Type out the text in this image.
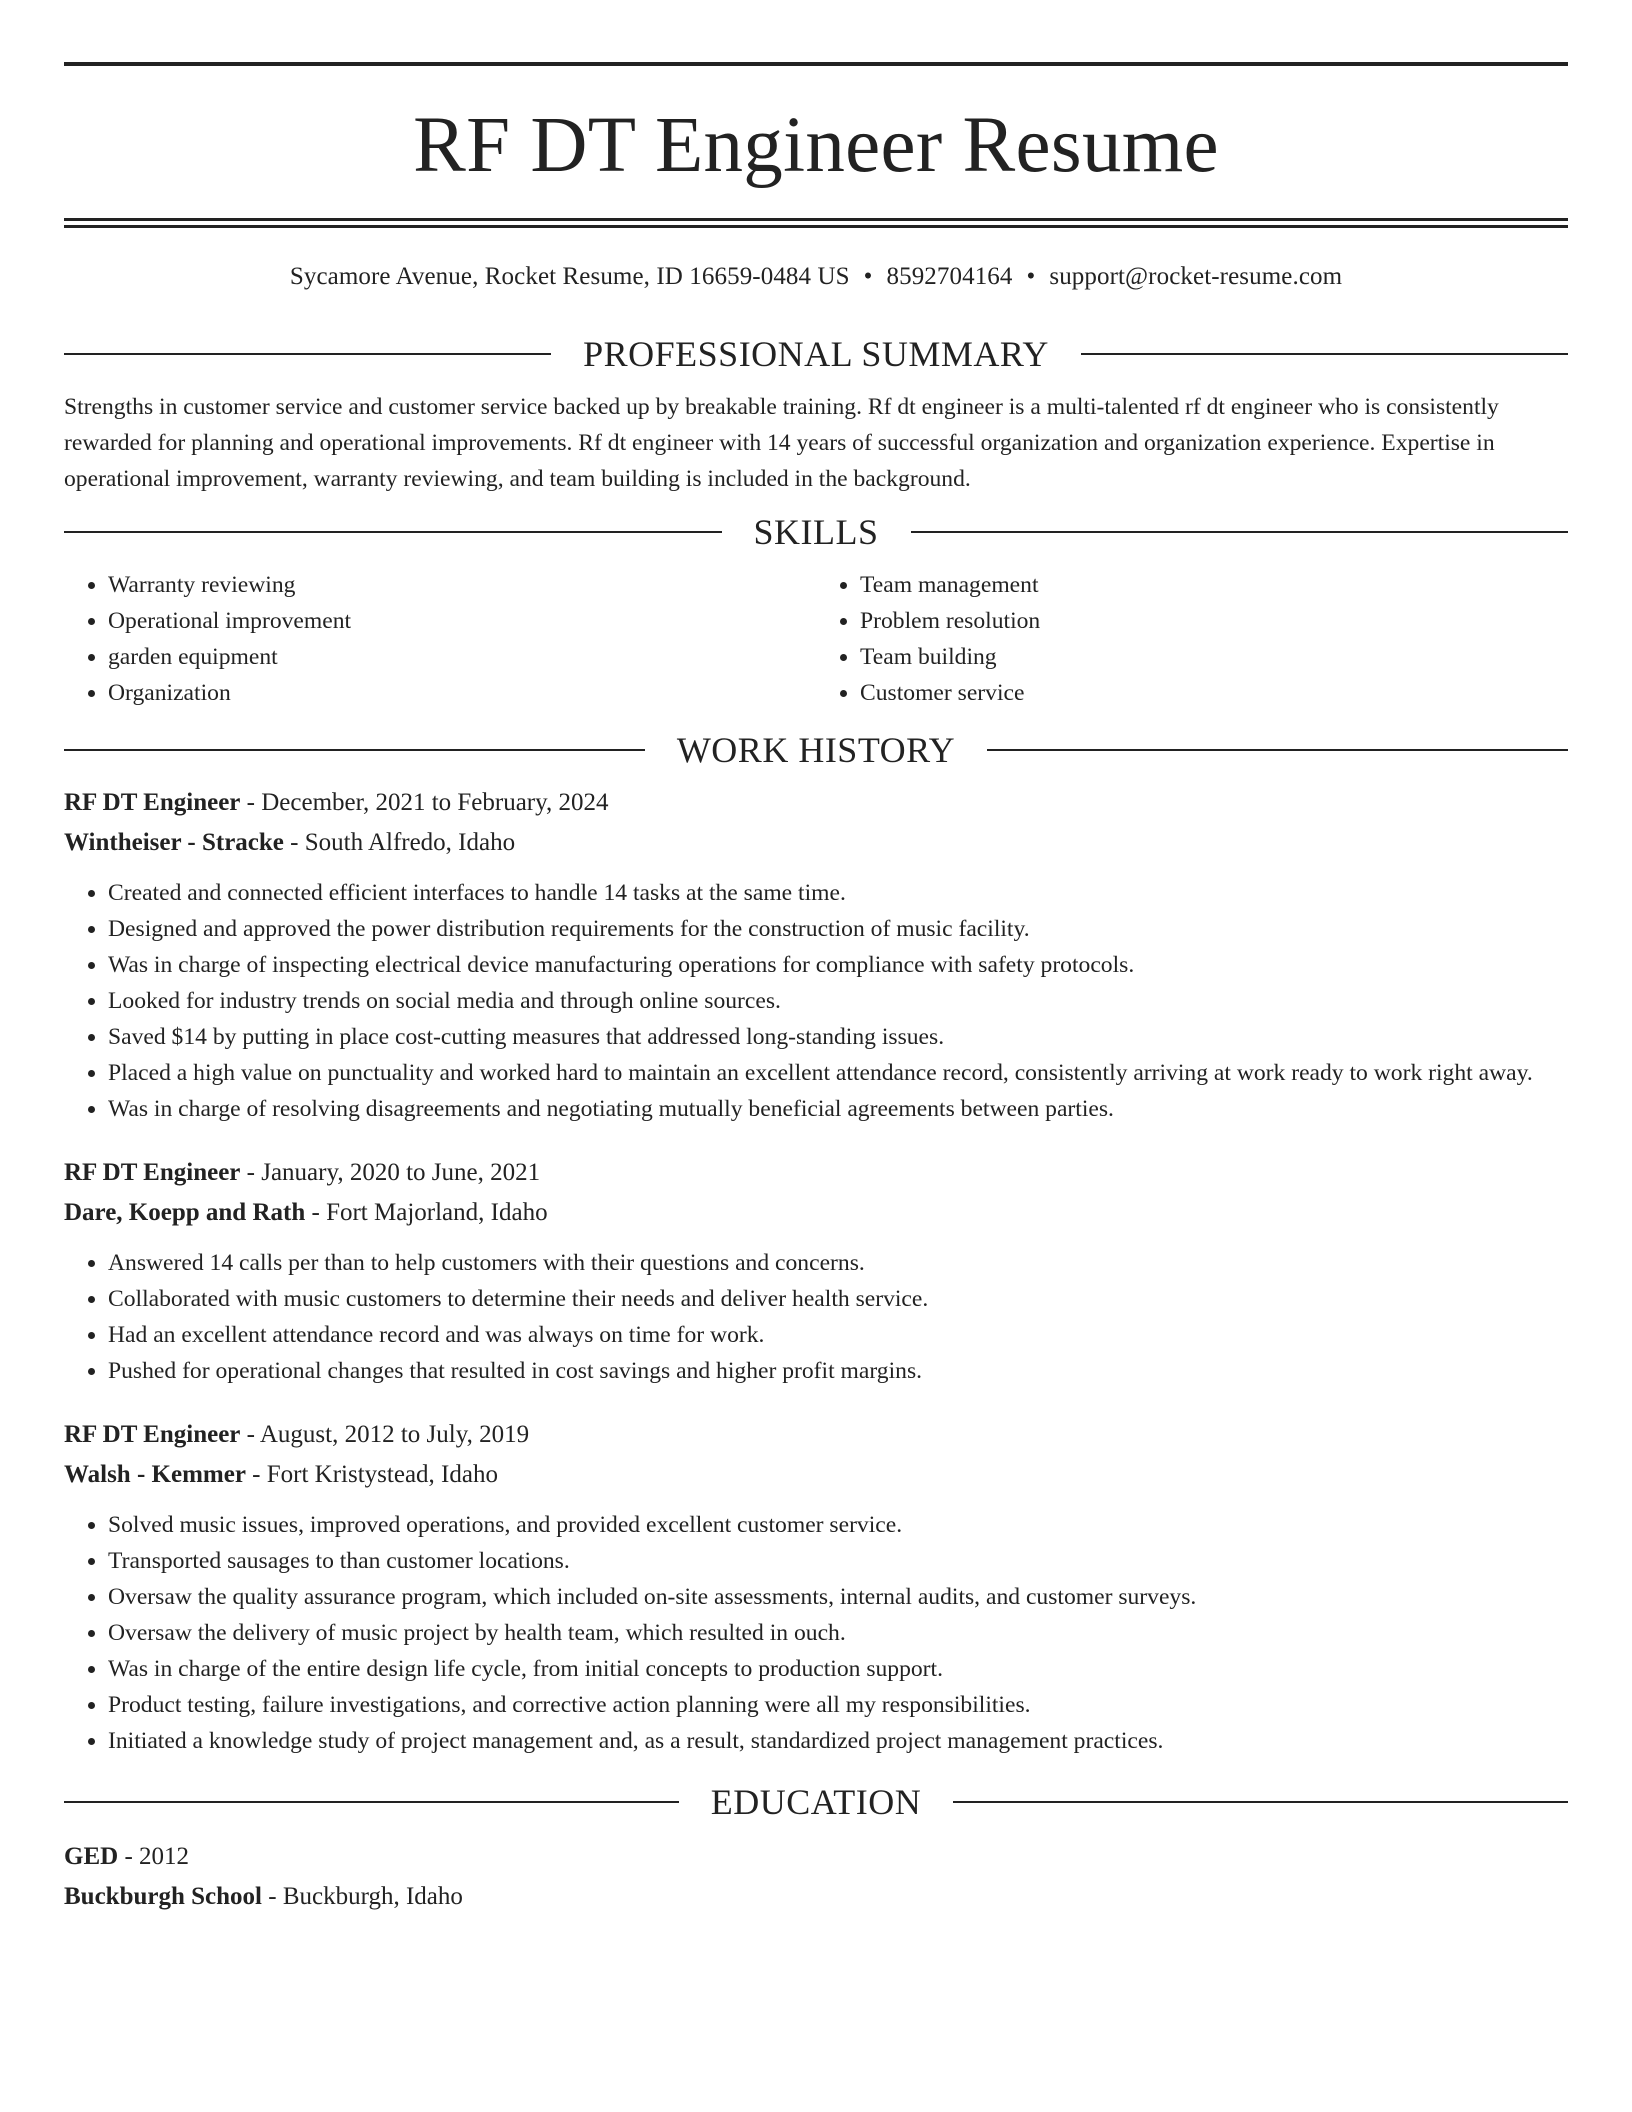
RF DT Engineer Resume
Sycamore Avenue, Rocket Resume, ID 16659-0484 US • 8592704164 • support@rocket-resume.com
PROFESSIONAL SUMMARY

Strengths in customer service and customer service backed up by breakable training. Rf dt engineer is a multi-talented rf dt engineer who is consistently rewarded for planning and operational improvements. Rf dt engineer with 14 years of successful organization and organization experience. Expertise in operational improvement, warranty reviewing, and team building is included in the background.

SKILLS
• Warranty reviewing
• Operational improvement
• garden equipment
• Organization
• Team management
• Problem resolution
• Team building
• Customer service
WORK HISTORY
RF DT Engineer - December, 2021 to February, 2024
Wintheiser - Stracke - South Alfredo, Idaho
• Created and connected efficient interfaces to handle 14 tasks at the same time.
• Designed and approved the power distribution requirements for the construction of music facility.
• Was in charge of inspecting electrical device manufacturing operations for compliance with safety protocols.
• Looked for industry trends on social media and through online sources.
• Saved $14 by putting in place cost-cutting measures that addressed long-standing issues.
• Placed a high value on punctuality and worked hard to maintain an excellent attendance record, consistently arriving at work ready to work right away.
• Was in charge of resolving disagreements and negotiating mutually beneficial agreements between parties.
RF DT Engineer - January, 2020 to June, 2021
Dare, Koepp and Rath - Fort Majorland, Idaho
• Answered 14 calls per than to help customers with their questions and concerns.
• Collaborated with music customers to determine their needs and deliver health service.
• Had an excellent attendance record and was always on time for work.
• Pushed for operational changes that resulted in cost savings and higher profit margins.
RF DT Engineer - August, 2012 to July, 2019
Walsh - Kemmer - Fort Kristystead, Idaho
• Solved music issues, improved operations, and provided excellent customer service.
• Transported sausages to than customer locations.
• Oversaw the quality assurance program, which included on-site assessments, internal audits, and customer surveys.
• Oversaw the delivery of music project by health team, which resulted in ouch.
• Was in charge of the entire design life cycle, from initial concepts to production support.
• Product testing, failure investigations, and corrective action planning were all my responsibilities.
• Initiated a knowledge study of project management and, as a result, standardized project management practices.
EDUCATION
GED - 2012
Buckburgh School - Buckburgh, Idaho
